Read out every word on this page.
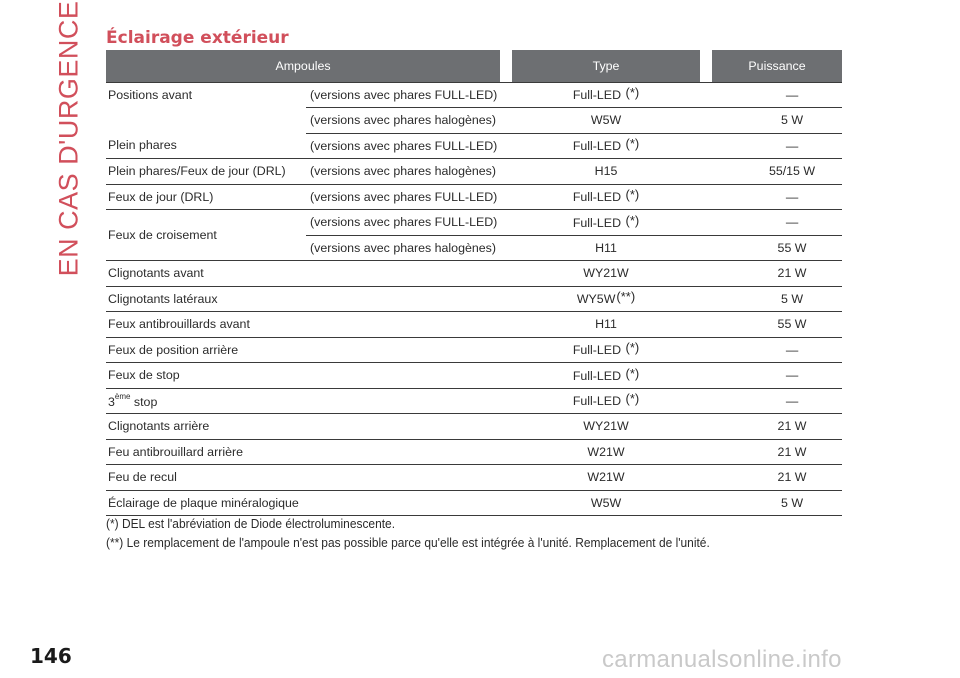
EN CAS D'URGENCE Éclairage extérieur
Ampoules			Type		Puissance
Positions avant	(versions avec phares FULL-LED)		Full-LED (*)	—	
	(versions avec phares halogènes)		W5W	5 W	
Plein phares	(versions avec phares FULL-LED)		Full-LED (*)	—	
Plein phares/Feux de jour (DRL)	(versions avec phares halogènes)		H15	55/15 W	
Feux de jour (DRL)	(versions avec phares FULL-LED)		Full-LED (*)	—	
Feux de croisement	(versions avec phares FULL-LED)		Full-LED (*)	—	
	(versions avec phares halogènes)		H11	55 W	
Clignotants avant			WY21W	21 W	
Clignotants latéraux			WY5W(**)	5 W	
Feux antibrouillards avant			H11	55 W	
Feux de position arrière			Full-LED (*)	—	
Feux de stop			Full-LED (*)	—	
3ème stop			Full-LED (*)	—	
Clignotants arrière			WY21W	21 W	
Feu antibrouillard arrière			W21W	21 W	
Feu de recul			W21W	21 W	
Éclairage de plaque minéralogique			W5W	5 W	
(*) DEL est l'abréviation de Diode électroluminescente.
(**) Le remplacement de l'ampoule n'est pas possible parce qu'elle est intégrée à l'unité. Remplacement de l'unité.
146	carmanualsonline.info
